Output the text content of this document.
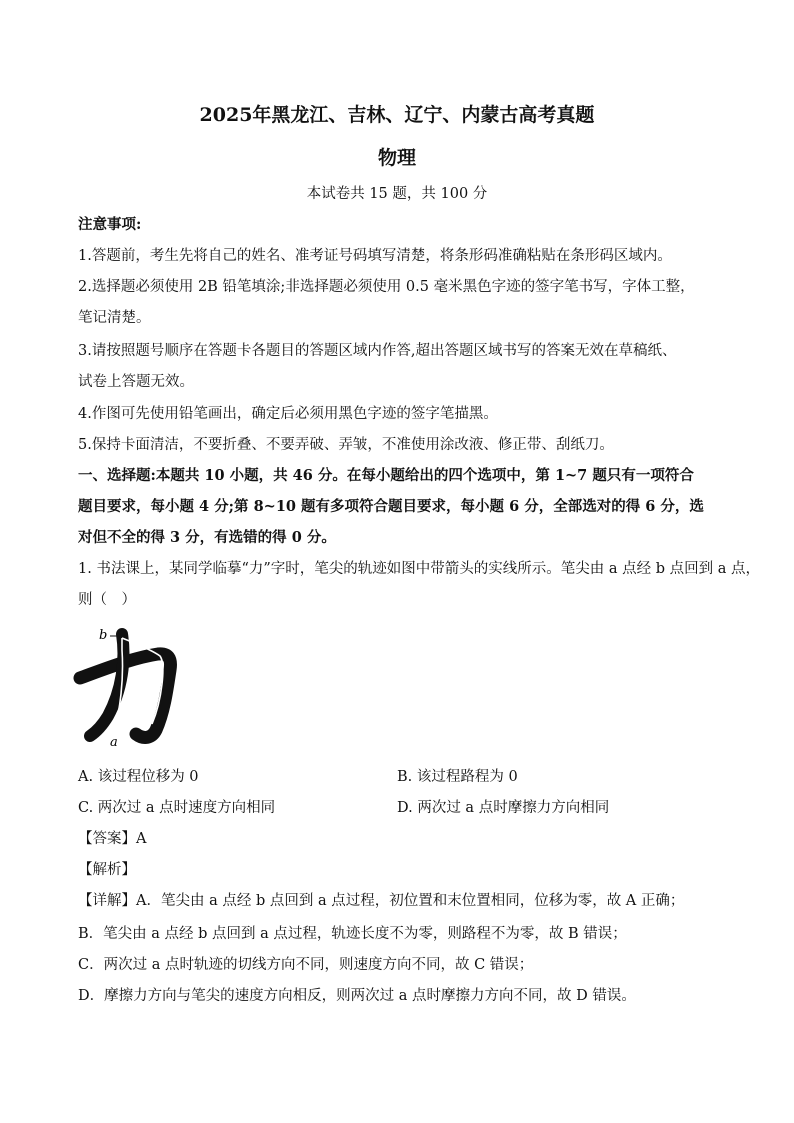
2025年黑龙江、吉林、辽宁、内蒙古高考真题
物理
本试卷共 15 题，共 100 分
注意事项:
1.答题前，考生先将自己的姓名、准考证号码填写清楚，将条形码准确粘贴在条形码区域内。
2.选择题必须使用 2B 铅笔填涂;非选择题必须使用 0.5 毫米黑色字迹的签字笔书写，字体工整，
笔记清楚。
3.请按照题号顺序在答题卡各题目的答题区域内作答,超出答题区域书写的答案无效在草稿纸、
试卷上答题无效。
4.作图可先使用铅笔画出，确定后必须用黑色字迹的签字笔描黑。
5.保持卡面清洁，不要折叠、不要弄破、弄皱，不准使用涂改液、修正带、刮纸刀。
一、选择题:本题共 10 小题，共 46 分。在每小题给出的四个选项中，第 1~7 题只有一项符合
题目要求，每小题 4 分;第 8~10 题有多项符合题目要求，每小题 6 分，全部选对的得 6 分，选
对但不全的得 3 分，有选错的得 0 分。
1. 书法课上，某同学临摹“力”字时，笔尖的轨迹如图中带箭头的实线所示。笔尖由 a 点经 b 点回到 a 点，
则（　）
b
a
A. 该过程位移为 0	B. 该过程路程为 0
C. 两次过 a 点时速度方向相同	D. 两次过 a 点时摩擦力方向相同
【答案】A
【解析】
【详解】A．笔尖由 a 点经 b 点回到 a 点过程，初位置和末位置相同，位移为零，故 A 正确；
B．笔尖由 a 点经 b 点回到 a 点过程，轨迹长度不为零，则路程不为零，故 B 错误；
C．两次过 a 点时轨迹的切线方向不同，则速度方向不同，故 C 错误；
D．摩擦力方向与笔尖的速度方向相反，则两次过 a 点时摩擦力方向不同，故 D 错误。
